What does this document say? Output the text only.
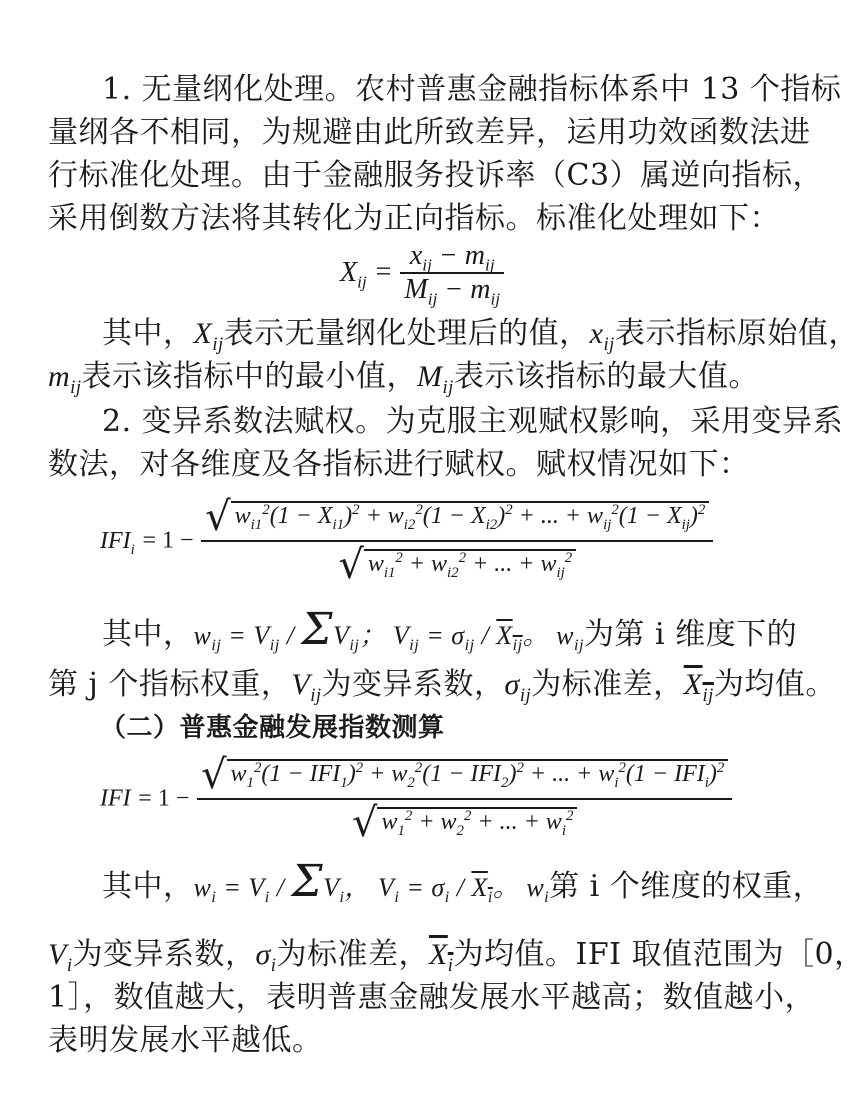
1. 无量纲化处理。农村普惠金融指标体系中 13 个指标

量纲各不相同，为规避由此所致差异，运用功效函数法进

行标准化处理。由于金融服务投诉率（C3）属逆向指标，

采用倒数方法将其转化为正向指标。标准化处理如下：

$X_{ij} = \frac{x_{ij} - m_{ij}}{M_{ij} - m_{ij}}$

其中，$X_{ij}$表示无量纲化处理后的值，$x_{ij}$表示指标原始值，

$m_{ij}$表示该指标中的最小值，$M_{ij}$表示该指标的最大值。

2. 变异系数法赋权。为克服主观赋权影响，采用变异系

数法，对各维度及各指标进行赋权。赋权情况如下：

$IFI_i = 1 - \frac{√ w_{i1}^2(1 - X_{i1})^2 + w_{i2}^2(1 - X_{i2})^2 + ... + w_{ij}^2(1 - X_{ij})^2}{√ w_{i1}^2 + w_{i2}^2 + ... + w_{ij}^2}$

其中，$w_{ij} = V_{ij} / \Sigma V_{ij}$； $V_{ij} = \sigma_{ij} / X_{ij}$。 $w_{ij}$为第 i 维度下的

第 j 个指标权重，$V_{ij}$为变异系数，$\sigma_{ij}$为标准差，$X_{ij}$为均值。

（二）普惠金融发展指数测算

IFI = $1 - \frac{√ w_1^2(1 - IFI_1)^2 + w_2^2(1 - IFI_2)^2 + ... + w_i^2(1 - IFI_i)^2}{√ w_1^2 + w_2^2 + ... + w_i^2}$

其中，$w_i = V_i / \Sigma V_i$， $V_i = \sigma_i / X_i$。 $w_i$第 i 个维度的权重，

$V_i$为变异系数，$\sigma_i$为标准差，$X_i$为均值。IFI 取值范围为［0，

1］，数值越大，表明普惠金融发展水平越高；数值越小，

表明发展水平越低。
